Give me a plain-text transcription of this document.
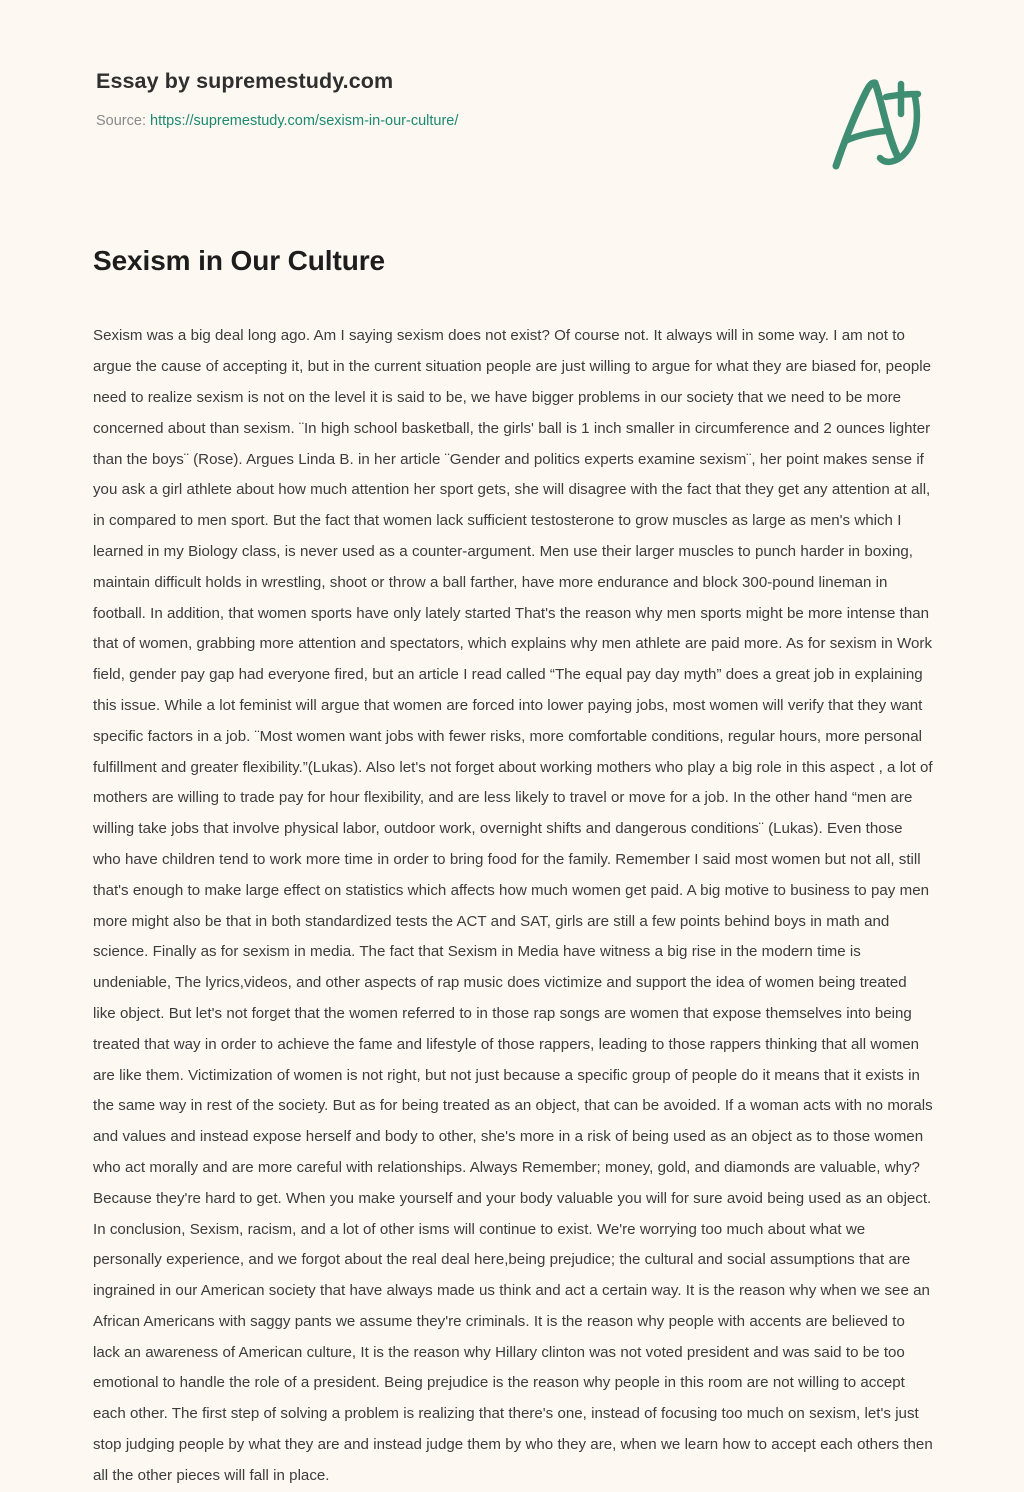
Essay by supremestudy.com
Source: https://supremestudy.com/sexism-in-our-culture/
Sexism in Our Culture

Sexism was a big deal long ago. Am I saying sexism does not exist? Of course not. It always will in some way. I am not to argue the cause of accepting it, but in the current situation people are just willing to argue for what they are biased for, people need to realize sexism is not on the level it is said to be, we have bigger problems in our society that we need to be more concerned about than sexism. ¨In high school basketball, the girls' ball is 1 inch smaller in circumference and 2 ounces lighter than the boys¨ (Rose). Argues Linda B. in her article ¨Gender and politics experts examine sexism¨, her point makes sense if you ask a girl athlete about how much attention her sport gets, she will disagree with the fact that they get any attention at all, in compared to men sport. But the fact that women lack sufficient testosterone to grow muscles as large as men's which I learned in my Biology class, is never used as a counter-argument. Men use their larger muscles to punch harder in boxing, maintain difficult holds in wrestling, shoot or throw a ball farther, have more endurance and block 300-pound lineman in football. In addition, that women sports have only lately started That's the reason why men sports might be more intense than that of women, grabbing more attention and spectators, which explains why men athlete are paid more. As for sexism in Work field, gender pay gap had everyone fired, but an article I read called “The equal pay day myth” does a great job in explaining this issue. While a lot feminist will argue that women are forced into lower paying jobs, most women will verify that they want specific factors in a job. ¨Most women want jobs with fewer risks, more comfortable conditions, regular hours, more personal fulfillment and greater flexibility.”(Lukas). Also let's not forget about working mothers who play a big role in this aspect , a lot of mothers are willing to trade pay for hour flexibility, and are less likely to travel or move for a job. In the other hand “men are willing take jobs that involve physical labor, outdoor work, overnight shifts and dangerous conditions¨ (Lukas). Even those who have children tend to work more time in order to bring food for the family. Remember I said most women but not all, still that's enough to make large effect on statistics which affects how much women get paid. A big motive to business to pay men more might also be that in both standardized tests the ACT and SAT, girls are still a few points behind boys in math and science. Finally as for sexism in media. The fact that Sexism in Media have witness a big rise in the modern time is undeniable, The lyrics,videos, and other aspects of rap music does victimize and support the idea of women being treated like object. But let's not forget that the women referred to in those rap songs are women that expose themselves into being treated that way in order to achieve the fame and lifestyle of those rappers, leading to those rappers thinking that all women are like them. Victimization of women is not right, but not just because a specific group of people do it means that it exists in the same way in rest of the society. But as for being treated as an object, that can be avoided. If a woman acts with no morals and values and instead expose herself and body to other, she's more in a risk of being used as an object as to those women who act morally and are more careful with relationships. Always Remember; money, gold, and diamonds are valuable, why? Because they're hard to get. When you make yourself and your body valuable you will for sure avoid being used as an object. In conclusion, Sexism, racism, and a lot of other isms will continue to exist. We're worrying too much about what we personally experience, and we forgot about the real deal here,being prejudice; the cultural and social assumptions that are ingrained in our American society that have always made us think and act a certain way. It is the reason why when we see an African Americans with saggy pants we assume they're criminals. It is the reason why people with accents are believed to lack an awareness of American culture, It is the reason why Hillary clinton was not voted president and was said to be too emotional to handle the role of a president. Being prejudice is the reason why people in this room are not willing to accept each other. The first step of solving a problem is realizing that there's one, instead of focusing too much on sexism, let's just stop judging people by what they are and instead judge them by who they are, when we learn how to accept each others then all the other pieces will fall in place.
